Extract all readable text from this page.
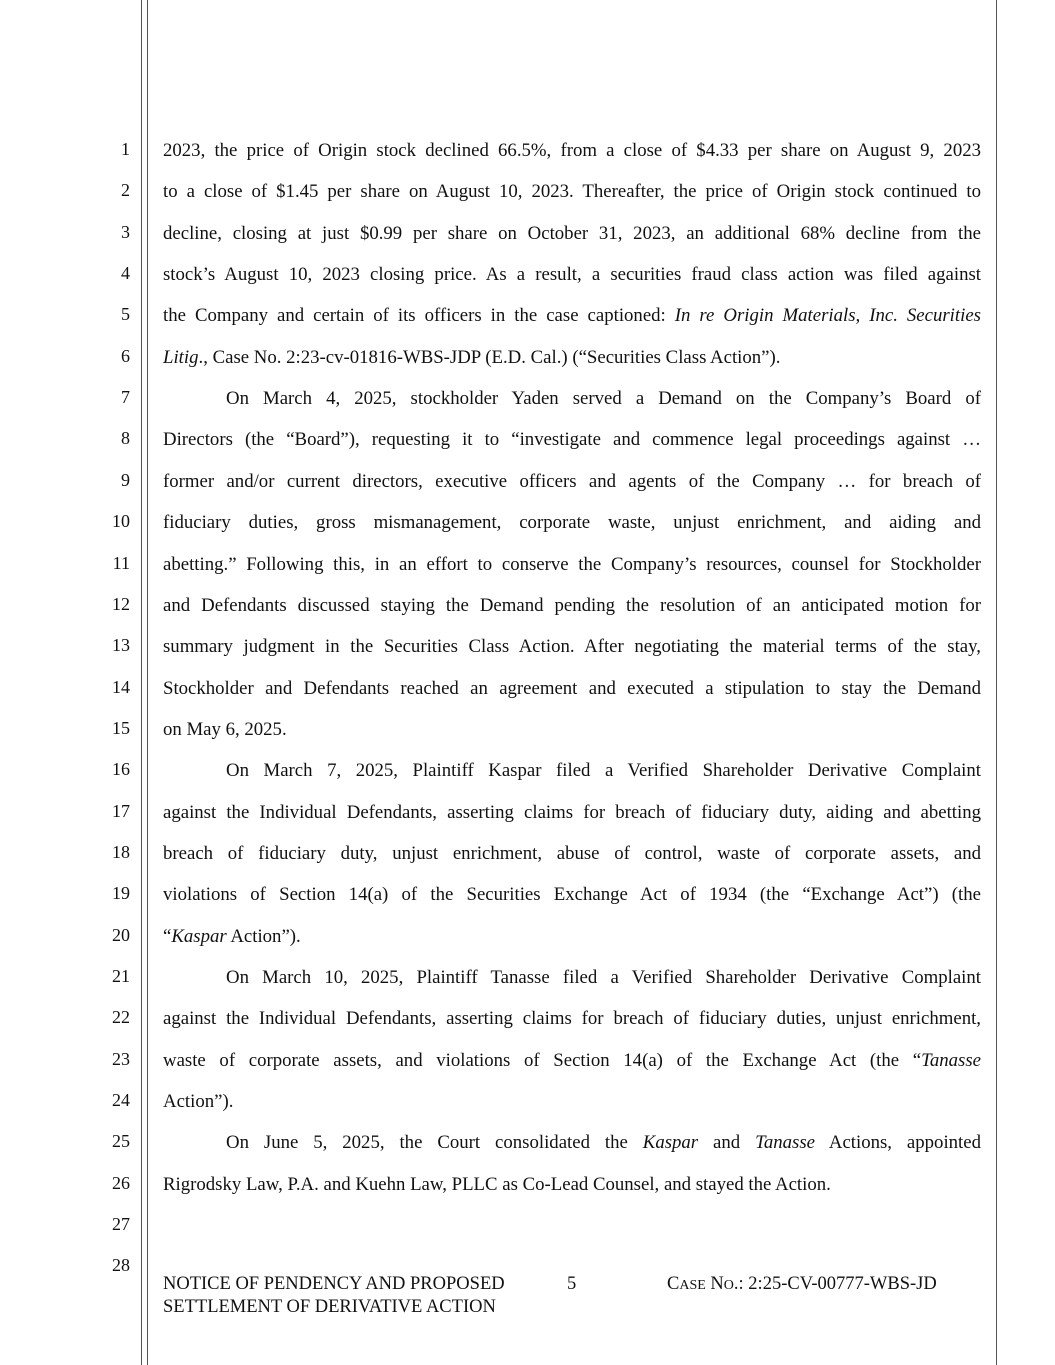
1
2
3
4
5
6
7
8
9
10
11
12
13
14
15
16
17
18
19
20
21
22
23
24
25
26
27
28
2023, the price of Origin stock declined 66.5%, from a close of $4.33 per share on August 9, 2023
to a close of $1.45 per share on August 10, 2023. Thereafter, the price of Origin stock continued to
decline, closing at just $0.99 per share on October 31, 2023, an additional 68% decline from the
stock’s August 10, 2023 closing price. As a result, a securities fraud class action was filed against
the Company and certain of its officers in the case captioned: In re Origin Materials, Inc. Securities
Litig., Case No. 2:23-cv-01816-WBS-JDP (E.D. Cal.) (“Securities Class Action”).
On March 4, 2025, stockholder Yaden served a Demand on the Company’s Board of
Directors (the “Board”), requesting it to “investigate and commence legal proceedings against …
former and/or current directors, executive officers and agents of the Company … for breach of
fiduciary duties, gross mismanagement, corporate waste, unjust enrichment, and aiding and
abetting.” Following this, in an effort to conserve the Company’s resources, counsel for Stockholder
and Defendants discussed staying the Demand pending the resolution of an anticipated motion for
summary judgment in the Securities Class Action. After negotiating the material terms of the stay,
Stockholder and Defendants reached an agreement and executed a stipulation to stay the Demand
on May 6, 2025.
On March 7, 2025, Plaintiff Kaspar filed a Verified Shareholder Derivative Complaint
against the Individual Defendants, asserting claims for breach of fiduciary duty, aiding and abetting
breach of fiduciary duty, unjust enrichment, abuse of control, waste of corporate assets, and
violations of Section 14(a) of the Securities Exchange Act of 1934 (the “Exchange Act”) (the
“Kaspar Action”).
On March 10, 2025, Plaintiff Tanasse filed a Verified Shareholder Derivative Complaint
against the Individual Defendants, asserting claims for breach of fiduciary duties, unjust enrichment,
waste of corporate assets, and violations of Section 14(a) of the Exchange Act (the “Tanasse
Action”).
On June 5, 2025, the Court consolidated the Kaspar and Tanasse Actions, appointed
Rigrodsky Law, P.A. and Kuehn Law, PLLC as Co-Lead Counsel, and stayed the Action.
NOTICE OF PENDENCY AND PROPOSED
SETTLEMENT OF DERIVATIVE ACTION
5	CASE NO.: 2:25-CV-00777-WBS-JD
